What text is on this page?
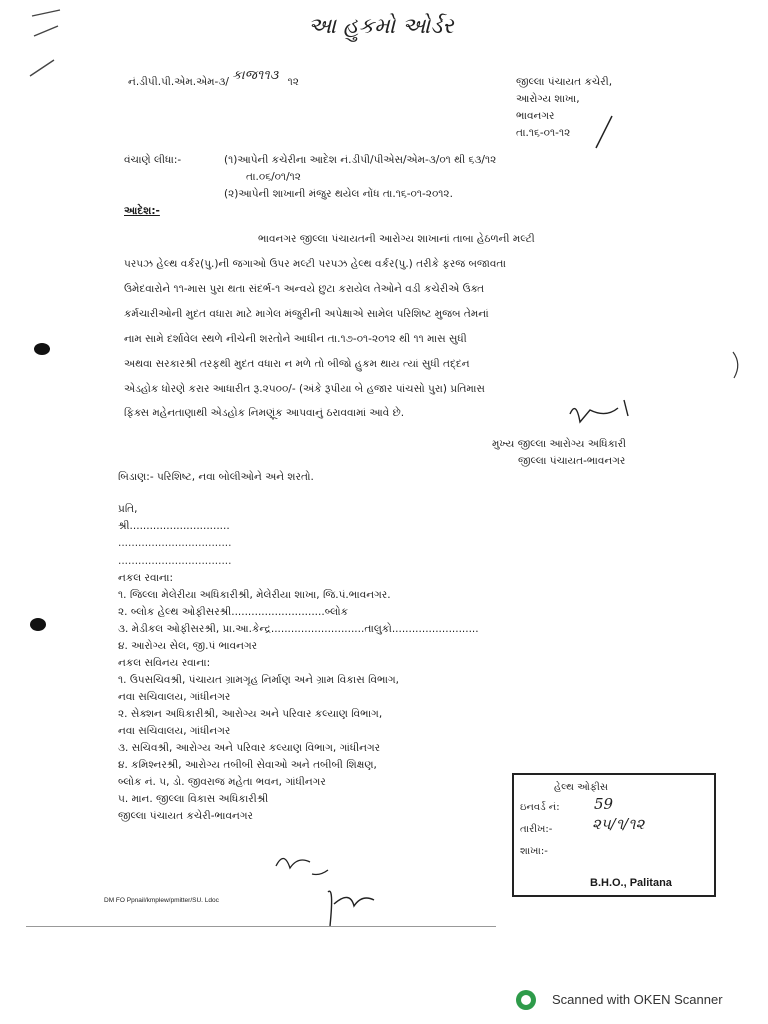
આ હુકમો ઓર્ડર
નં.ડીપી.પી.એમ.એમ-૩/ કાજ૧૧૩ ૧૨	જીલ્લા પંચાયત કચેરી,
આરોગ્ય શાખા,
ભાવનગર
તા.૧૬-૦૧-૧૨
વંચાણે લીધા:-	(૧)આપેની કચેરીના આદેશ નં.ડીપી/પીએસ/એમ-૩/૦૧ થી ૬૩/૧૨
તા.૦૬/૦૧/૧૨
(૨)આપેની શાખાની મંજુર થયેલ નોંધ તા.૧૬-૦૧-૨૦૧૨.
આદેશ:-
ભાવનગર જીલ્લા પંચાયતની આરોગ્ય શાખાનાં તાબા હેઠળની મલ્ટી
પરપઝ હેલ્થ વર્કર(પુ.)ની જગાઓ ઉપર મલ્ટી પરપઝ હેલ્થ વર્કર(પુ.) તરીકે ફરજ બજાવતા
ઉમેદવારોને ૧૧-માસ પુરા થતા સંદર્ભ-૧ અન્વયે છુટા કરાયેલ તેઓને વડી કચેરીએ ઉક્ત
કર્મચારીઓની મુદત વધારા માટે માગેલ મંજુરીની અપેક્ષાએ સામેલ પરિશિષ્ટ મુજબ તેમનાં
નામ સામે દર્શાવેલ સ્થળે નીચેની શરતોને આધીન તા.૧૭-૦૧-૨૦૧૨ થી ૧૧ માસ સુધી
અથવા સરકારશ્રી તરફથી મુદત વધારા ન મળે તો બીજો હુકમ થાય ત્યાં સુધી તદ્દન
એડહોક ધોરણે કરાર આધારીત રૂ.૨૫૦૦/- (અંકે રૂપીયા બે હજાર પાંચસો પુરા) પ્રતિમાસ
ફિક્સ મહેનતાણાથી એડહોક નિમણૂંક આપવાનું ઠરાવવામાં આવે છે.
મુખ્ય જીલ્લા આરોગ્ય અધિકારી
જીલ્લા પંચાયત-ભાવનગર
બિડાણ:- પરિશિષ્ટ, નવા બોલીઓને અને શરતો.
પ્રતિ,
શ્રી..............................
..................................
..................................
નકલ રવાના:
૧. જિલ્લા મેલેરીયા અધિકારીશ્રી, મેલેરીયા શાખા, જિ.પં.ભાવનગર.
૨. બ્લોક હેલ્થ ઓફીસરશ્રી............................બ્લોક
૩. મેડીકલ ઓફીસરશ્રી, પ્રા.આ.કેન્દ્ર............................તાલુકો..........................
૪. આરોગ્ય સેલ, જી.પં ભાવનગર
નકલ સવિનય રવાના:
૧. ઉપસચિવશ્રી, પંચાયત ગ્રામગૃહ નિર્માણ અને ગ્રામ વિકાસ વિભાગ,
નવા સચિવાલય, ગાંધીનગર
૨. સેક્શન અધિકારીશ્રી, આરોગ્ય અને પરિવાર કલ્યાણ વિભાગ,
નવા સચિવાલય, ગાંધીનગર
૩. સચિવશ્રી, આરોગ્ય અને પરિવાર કલ્યાણ વિભાગ, ગાંધીનગર
૪. કમિશ્નરશ્રી, આરોગ્ય તબીબી સેવાઓ અને તબીબી શિક્ષણ,
બ્લોક નં. ૫, ડો. જીવરાજ મહેતા ભવન, ગાંધીનગર
૫. માન. જીલ્લા વિકાસ અધિકારીશ્રી
જીલ્લા પંચાયત કચેરી-ભાવનગર
હેલ્થ ઓફીસ
ઇનવર્ડ નં: 59
તારીખ:-	૨૫/૧/૧૨
શાખા:-
B.H.O., Palitana
DM FO Ppnail/kmplew/pmitter/SU. Ldoc
Scanned with OKEN Scanner
